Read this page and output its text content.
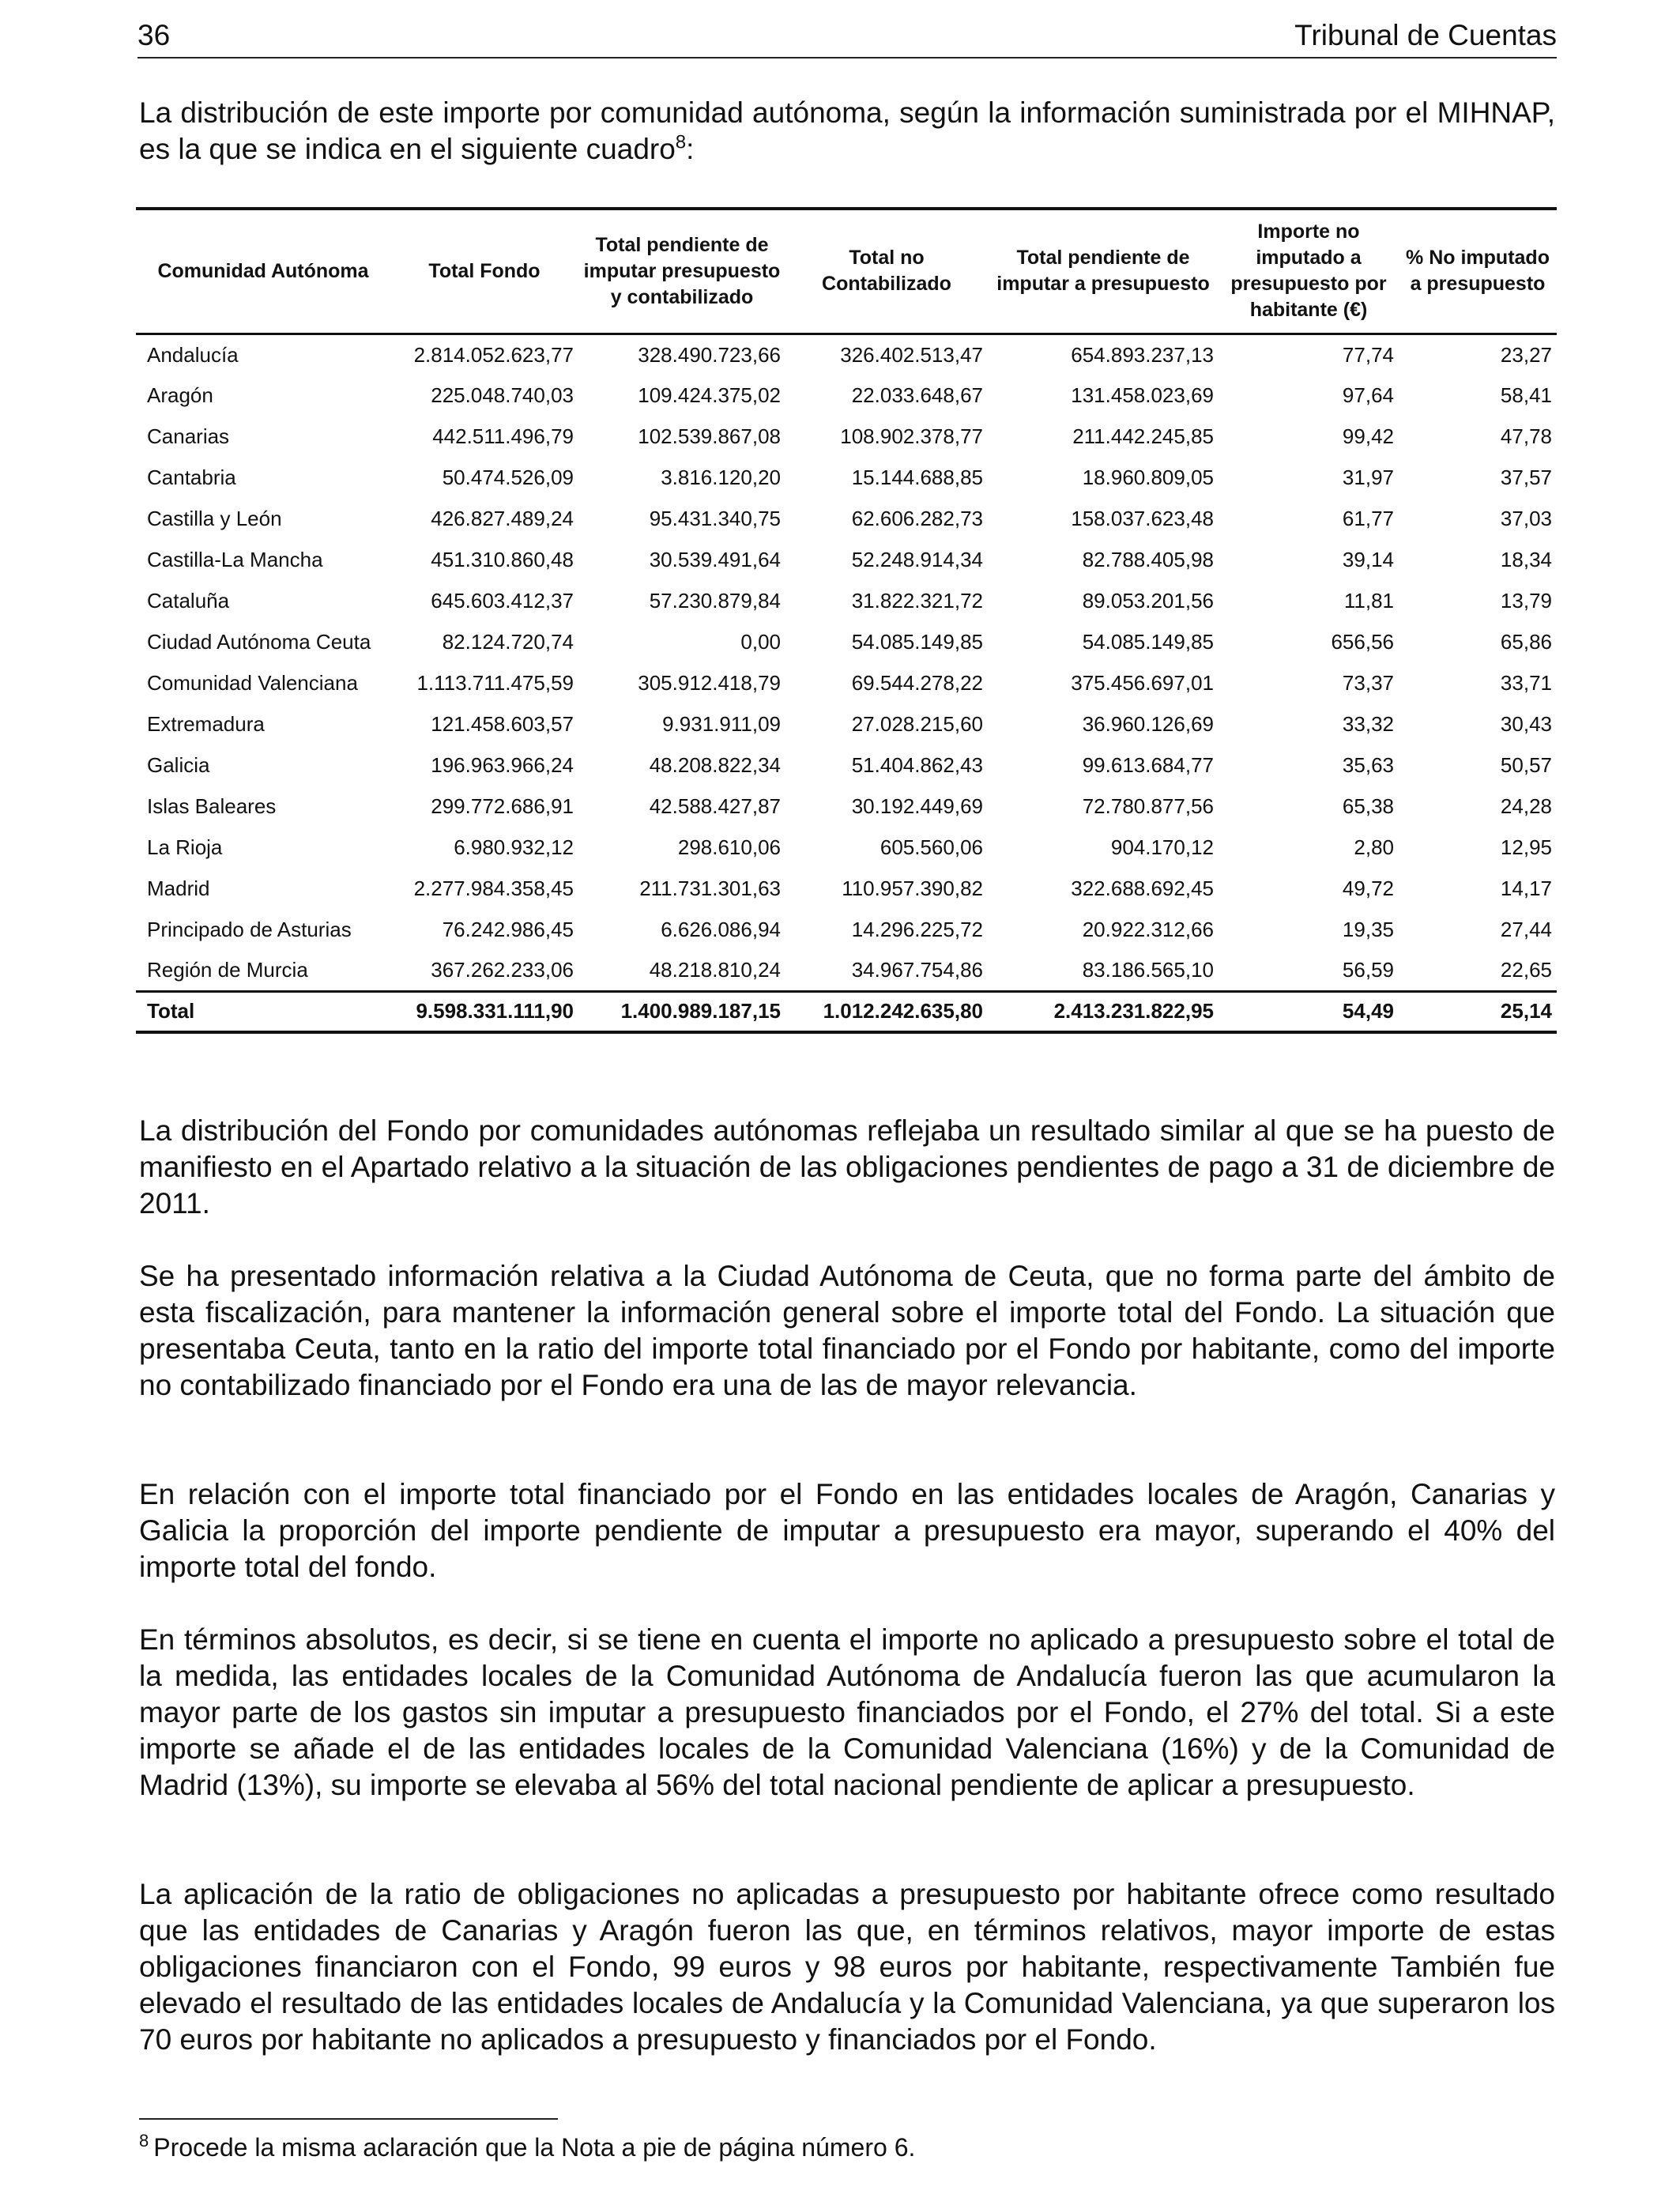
36	Tribunal de Cuentas

La distribución de este importe por comunidad autónoma, según la información suministrada por el MIHNAP, es la que se indica en el siguiente cuadro$^8$:

Comunidad Autónoma	Total Fondo	Total pendiente de imputar presupuesto y contabilizado	Total no Contabilizado	Total pendiente de imputar a presupuesto	Importe no imputado a presupuesto por habitante (€)	% No imputado a presupuesto
Andalucía	2.814.052.623,77	328.490.723,66	326.402.513,47	654.893.237,13	77,74	23,27
Aragón	225.048.740,03	109.424.375,02	22.033.648,67	131.458.023,69	97,64	58,41
Canarias	442.511.496,79	102.539.867,08	108.902.378,77	211.442.245,85	99,42	47,78
Cantabria	50.474.526,09	3.816.120,20	15.144.688,85	18.960.809,05	31,97	37,57
Castilla y León	426.827.489,24	95.431.340,75	62.606.282,73	158.037.623,48	61,77	37,03
Castilla-La Mancha	451.310.860,48	30.539.491,64	52.248.914,34	82.788.405,98	39,14	18,34
Cataluña	645.603.412,37	57.230.879,84	31.822.321,72	89.053.201,56	11,81	13,79
Ciudad Autónoma Ceuta	82.124.720,74	0,00	54.085.149,85	54.085.149,85	656,56	65,86
Comunidad Valenciana	1.113.711.475,59	305.912.418,79	69.544.278,22	375.456.697,01	73,37	33,71
Extremadura	121.458.603,57	9.931.911,09	27.028.215,60	36.960.126,69	33,32	30,43
Galicia	196.963.966,24	48.208.822,34	51.404.862,43	99.613.684,77	35,63	50,57
Islas Baleares	299.772.686,91	42.588.427,87	30.192.449,69	72.780.877,56	65,38	24,28
La Rioja	6.980.932,12	298.610,06	605.560,06	904.170,12	2,80	12,95
Madrid	2.277.984.358,45	211.731.301,63	110.957.390,82	322.688.692,45	49,72	14,17
Principado de Asturias	76.242.986,45	6.626.086,94	14.296.225,72	20.922.312,66	19,35	27,44
Región de Murcia	367.262.233,06	48.218.810,24	34.967.754,86	83.186.565,10	56,59	22,65
Total	9.598.331.111,90	1.400.989.187,15	1.012.242.635,80	2.413.231.822,95	54,49	25,14

La distribución del Fondo por comunidades autónomas reflejaba un resultado similar al que se ha puesto de manifiesto en el Apartado relativo a la situación de las obligaciones pendientes de pago a 31 de diciembre de 2011.

Se ha presentado información relativa a la Ciudad Autónoma de Ceuta, que no forma parte del ámbito de esta fiscalización, para mantener la información general sobre el importe total del Fondo. La situación que presentaba Ceuta, tanto en la ratio del importe total financiado por el Fondo por habitante, como del importe no contabilizado financiado por el Fondo era una de las de mayor relevancia.

En relación con el importe total financiado por el Fondo en las entidades locales de Aragón, Canarias y Galicia la proporción del importe pendiente de imputar a presupuesto era mayor, superando el 40% del importe total del fondo.

En términos absolutos, es decir, si se tiene en cuenta el importe no aplicado a presupuesto sobre el total de la medida, las entidades locales de la Comunidad Autónoma de Andalucía fueron las que acumularon la mayor parte de los gastos sin imputar a presupuesto financiados por el Fondo, el 27% del total. Si a este importe se añade el de las entidades locales de la Comunidad Valenciana (16%) y de la Comunidad de Madrid (13%), su importe se elevaba al 56% del total nacional pendiente de aplicar a presupuesto.

La aplicación de la ratio de obligaciones no aplicadas a presupuesto por habitante ofrece como resultado que las entidades de Canarias y Aragón fueron las que, en términos relativos, mayor importe de estas obligaciones financiaron con el Fondo, 99 euros y 98 euros por habitante, respectivamente También fue elevado el resultado de las entidades locales de Andalucía y la Comunidad Valenciana, ya que superaron los 70 euros por habitante no aplicados a presupuesto y financiados por el Fondo.

$^8$ Procede la misma aclaración que la Nota a pie de página número 6.
